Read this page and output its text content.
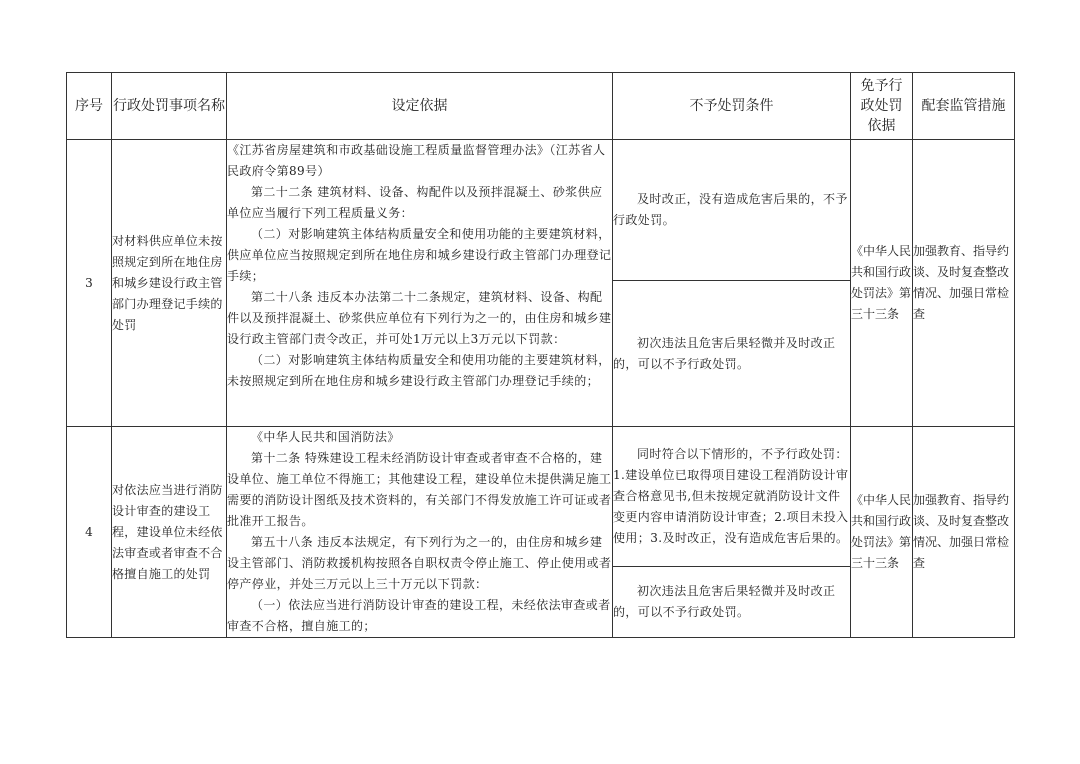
序号	行政处罚事项名称	设定依据	不予处罚条件	免予行政处罚依据	配套监管措施
3	对材料供应单位未按照规定到所在地住房和城乡建设行政主管部门办理登记手续的处罚	《江苏省房屋建筑和市政基础设施工程质量监督管理办法》（江苏省人民政府令第89号）

第二十二条 建筑材料、设备、构配件以及预拌混凝土、砂浆供应单位应当履行下列工程质量义务：

（二）对影响建筑主体结构质量安全和使用功能的主要建筑材料，供应单位应当按照规定到所在地住房和城乡建设行政主管部门办理登记手续；

第二十八条 违反本办法第二十二条规定，建筑材料、设备、构配件以及预拌混凝土、砂浆供应单位有下列行为之一的，由住房和城乡建设行政主管部门责令改正，并可处1万元以上3万元以下罚款：

（二）对影响建筑主体结构质量安全和使用功能的主要建筑材料，未按照规定到所在地住房和城乡建设行政主管部门办理登记手续的；	及时改正，没有造成危害后果的，不予行政处罚。	《中华人民共和国行政处罚法》第三十三条	加强教育、指导约谈、及时复查整改情况、加强日常检查

			初次违法且危害后果轻微并及时改正的，可以不予行政处罚。		

4	对依法应当进行消防设计审查的建设工程，建设单位未经依法审查或者审查不合格擅自施工的处罚	《中华人民共和国消防法》

第十二条 特殊建设工程未经消防设计审查或者审查不合格的，建设单位、施工单位不得施工；其他建设工程，建设单位未提供满足施工需要的消防设计图纸及技术资料的，有关部门不得发放施工许可证或者批准开工报告。

第五十八条 违反本法规定，有下列行为之一的，由住房和城乡建设主管部门、消防救援机构按照各自职权责令停止施工、停止使用或者停产停业，并处三万元以上三十万元以下罚款：

（一）依法应当进行消防设计审查的建设工程，未经依法审查或者审查不合格，擅自施工的；	同时符合以下情形的，不予行政处罚：1.建设单位已取得项目建设工程消防设计审查合格意见书,但未按规定就消防设计文件变更内容申请消防设计审查；2.项目未投入使用；3.及时改正，没有造成危害后果的。	《中华人民共和国行政处罚法》第三十三条	加强教育、指导约谈、及时复查整改情况、加强日常检查

			初次违法且危害后果轻微并及时改正的，可以不予行政处罚。		
